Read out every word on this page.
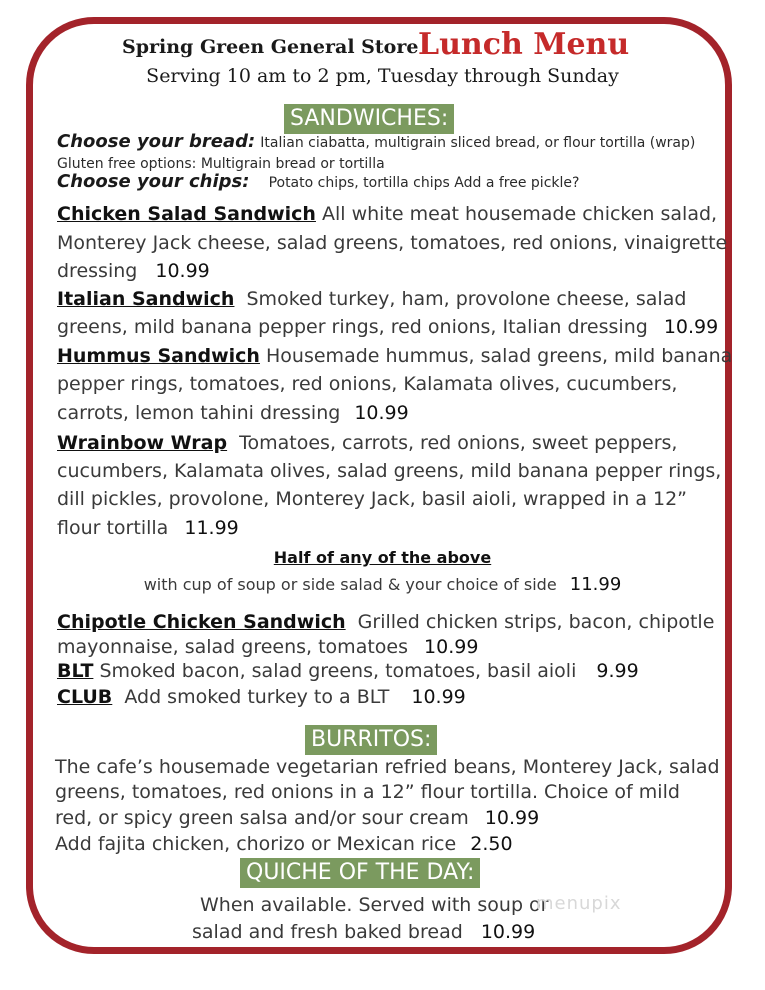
Spring Green General Store Lunch Menu
Serving 10 am to 2 pm, Tuesday through Sunday
SANDWICHES:
Choose your bread: Italian ciabatta, multigrain sliced bread, or flour tortilla (wrap)
Gluten free options: Multigrain bread or tortilla
Choose your chips: Potato chips, tortilla chips Add a free pickle?
Chicken Salad Sandwich All white meat housemade chicken salad,
Monterey Jack cheese, salad greens, tomatoes, red onions, vinaigrette
dressing 10.99
Italian Sandwich Smoked turkey, ham, provolone cheese, salad
greens, mild banana pepper rings, red onions, Italian dressing 10.99
Hummus Sandwich Housemade hummus, salad greens, mild banana
pepper rings, tomatoes, red onions, Kalamata olives, cucumbers,
carrots, lemon tahini dressing 10.99
Wrainbow Wrap Tomatoes, carrots, red onions, sweet peppers,
cucumbers, Kalamata olives, salad greens, mild banana pepper rings,
dill pickles, provolone, Monterey Jack, basil aioli, wrapped in a 12”
flour tortilla 11.99
Half of any of the above
with cup of soup or side salad & your choice of side 11.99
Chipotle Chicken Sandwich Grilled chicken strips, bacon, chipotle
mayonnaise, salad greens, tomatoes 10.99
BLT Smoked bacon, salad greens, tomatoes, basil aioli 9.99
CLUB Add smoked turkey to a BLT 10.99
BURRITOS:
The cafe’s housemade vegetarian refried beans, Monterey Jack, salad
greens, tomatoes, red onions in a 12” flour tortilla. Choice of mild
red, or spicy green salsa and/or sour cream 10.99
Add fajita chicken, chorizo or Mexican rice 2.50
QUICHE OF THE DAY:
When available. Served with soup or
salad and fresh baked bread 10.99
menupix
